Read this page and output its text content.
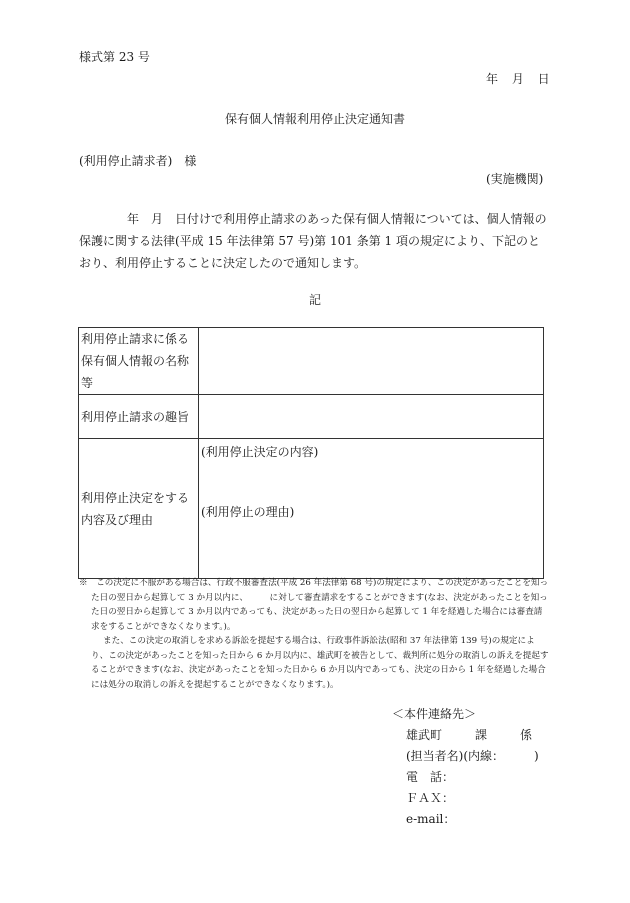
様式第 23 号
年 月 日
保有個人情報利用停止決定通知書
(利用停止請求者)　様
(実施機関)
年　月　日付けで利用停止請求のあった保有個人情報については、個人情報の保護に関する法律(平成 15 年法律第 57 号)第 101 条第 1 項の規定により、下記のとおり、利用停止することに決定したので通知します。
記
利用停止請求に係る保有個人情報の名称等	
利用停止請求の趣旨	
利用停止決定をする内容及び理由	(利用停止決定の内容)
(利用停止の理由)

※　この決定に不服がある場合は、行政不服審査法(平成 26 年法律第 68 号)の規定により、この決定があったことを知った日の翌日から起算して 3 か月以内に、　　　に対して審査請求をすることができます(なお、決定があったことを知った日の翌日から起算して 3 か月以内であっても、決定があった日の翌日から起算して 1 年を経過した場合には審査請求をすることができなくなります。)。

また、この決定の取消しを求める訴訟を提起する場合は、行政事件訴訟法(昭和 37 年法律第 139 号)の規定により、この決定があったことを知った日から 6 か月以内に、雄武町を被告として、裁判所に処分の取消しの訴えを提起することができます(なお、決定があったことを知った日から 6 か月以内であっても、決定の日から 1 年を経過した場合には処分の取消しの訴えを提起することができなくなります。)。

＜本件連絡先＞
雄武町	課	係
(担当者名)(内線：　　　)
電　話：
ＦＡＸ：
e-mail：
